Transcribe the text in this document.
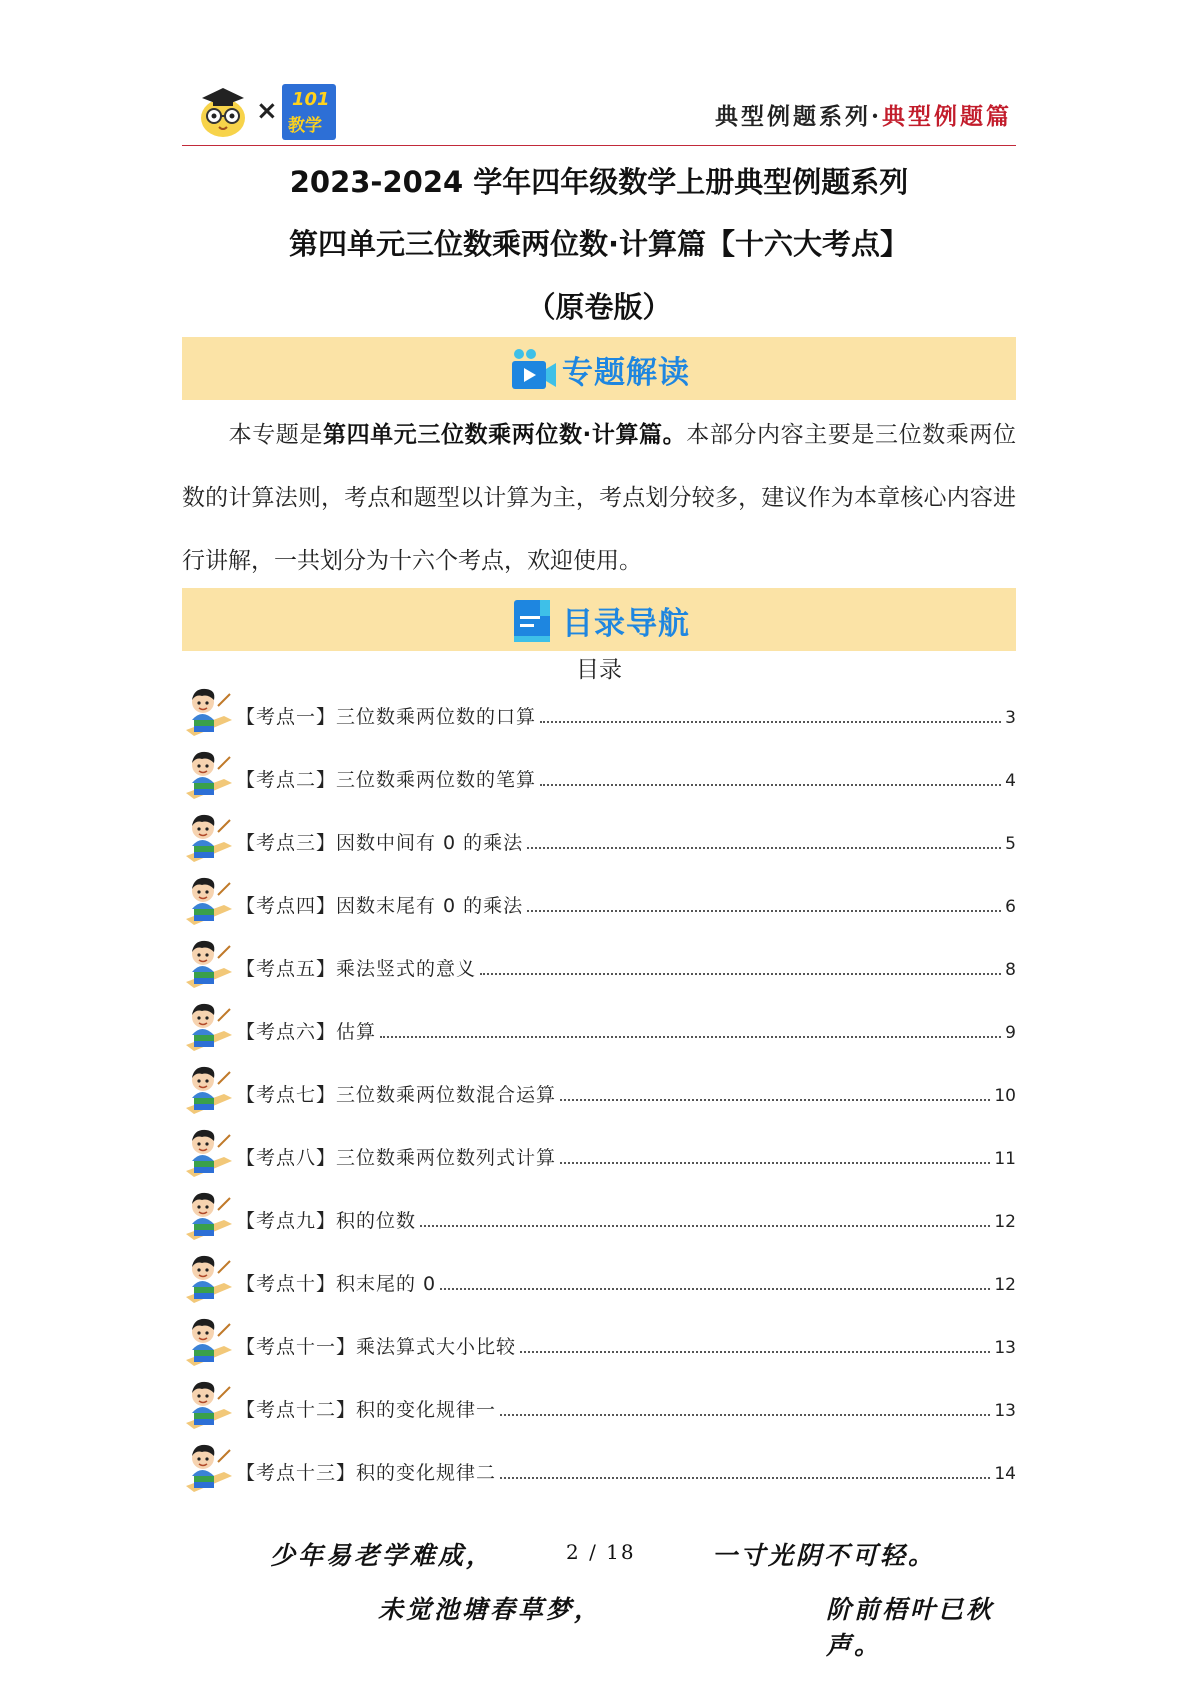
× 101
教学	典型例题系列·典型例题篇
2023-2024 学年四年级数学上册典型例题系列
第四单元三位数乘两位数·计算篇【十六大考点】
（原卷版）
专题解读
本专题是第四单元三位数乘两位数·计算篇。本部分内容主要是三位数乘两位数的计算法则，考点和题型以计算为主，考点划分较多，建议作为本章核心内容进行讲解，一共划分为十六个考点，欢迎使用。
目录导航
目录
【考点一】三位数乘两位数的口算	3
【考点二】三位数乘两位数的笔算	4
【考点三】因数中间有 0 的乘法	5
【考点四】因数末尾有 0 的乘法	6
【考点五】乘法竖式的意义	8
【考点六】估算	9
【考点七】三位数乘两位数混合运算	10
【考点八】三位数乘两位数列式计算	11
【考点九】积的位数	12
【考点十】积末尾的 0	12
【考点十一】乘法算式大小比较	13
【考点十二】积的变化规律一	13
【考点十三】积的变化规律二	14
少年易老学难成，	2 / 18	一寸光阴不可轻。
未觉池塘春草梦，	阶前梧叶已秋声。
